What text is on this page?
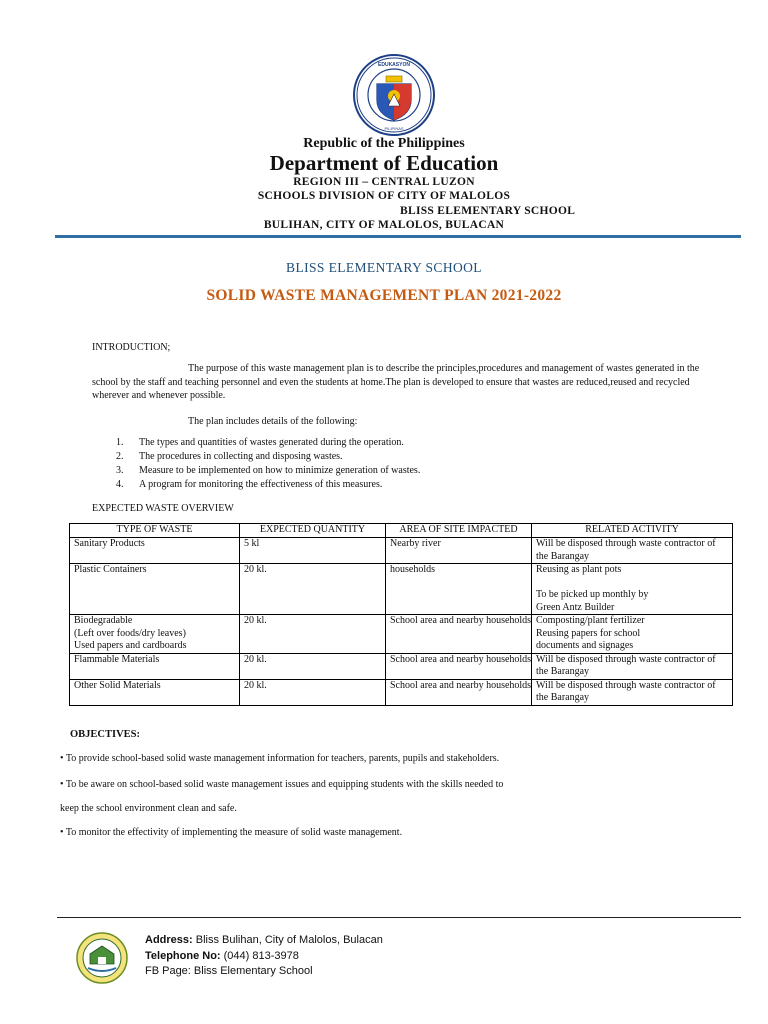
EDUKASYON
PILIPINAS
Republic of the Philippines
Department of Education
REGION III – CENTRAL LUZON
SCHOOLS DIVISION OF CITY OF MALOLOS
BLISS ELEMENTARY SCHOOL
BULIHAN, CITY OF MALOLOS, BULACAN
BLISS ELEMENTARY SCHOOL
SOLID WASTE MANAGEMENT PLAN 2021-2022
INTRODUCTION;
The purpose of this waste management plan is to describe the principles,procedures and management of wastes generated in the school by the staff and teaching personnel and even the students at home.The plan is developed to ensure that wastes are reduced,reused and recycled wherever and whenever possible.
The plan includes details of the following:
1. The types and quantities of wastes generated during the operation.
2. The procedures in collecting and disposing wastes.
3. Measure to be implemented on how to minimize generation of wastes.
4. A program for monitoring the effectiveness of this measures.
EXPECTED WASTE OVERVIEW
TYPE OF WASTE	EXPECTED QUANTITY	AREA OF SITE IMPACTED	RELATED ACTIVITY
Sanitary Products	5 kl	Nearby river	Will be disposed through waste contractor of the Barangay
Plastic Containers	20 kl.	households	Reusing as plant pots

To be picked up monthly by
Green Antz Builder
Biodegradable
(Left over foods/dry leaves)
Used papers and cardboards	20 kl.	School area and nearby households	Composting/plant fertilizer
Reusing papers for school
documents and signages
Flammable Materials	20 kl.	School area and nearby households	Will be disposed through waste contractor of the Barangay
Other Solid Materials	20 kl.	School area and nearby households	Will be disposed through waste contractor of the Barangay
OBJECTIVES:
• To provide school-based solid waste management information for teachers, parents, pupils and stakeholders.
• To be aware on school-based solid waste management issues and equipping students with the skills needed to
keep the school environment clean and safe.
• To monitor the effectivity of implementing the measure of solid waste management.
Address: Bliss Bulihan, City of Malolos, Bulacan
Telephone No: (044) 813-3978
FB Page: Bliss Elementary School
